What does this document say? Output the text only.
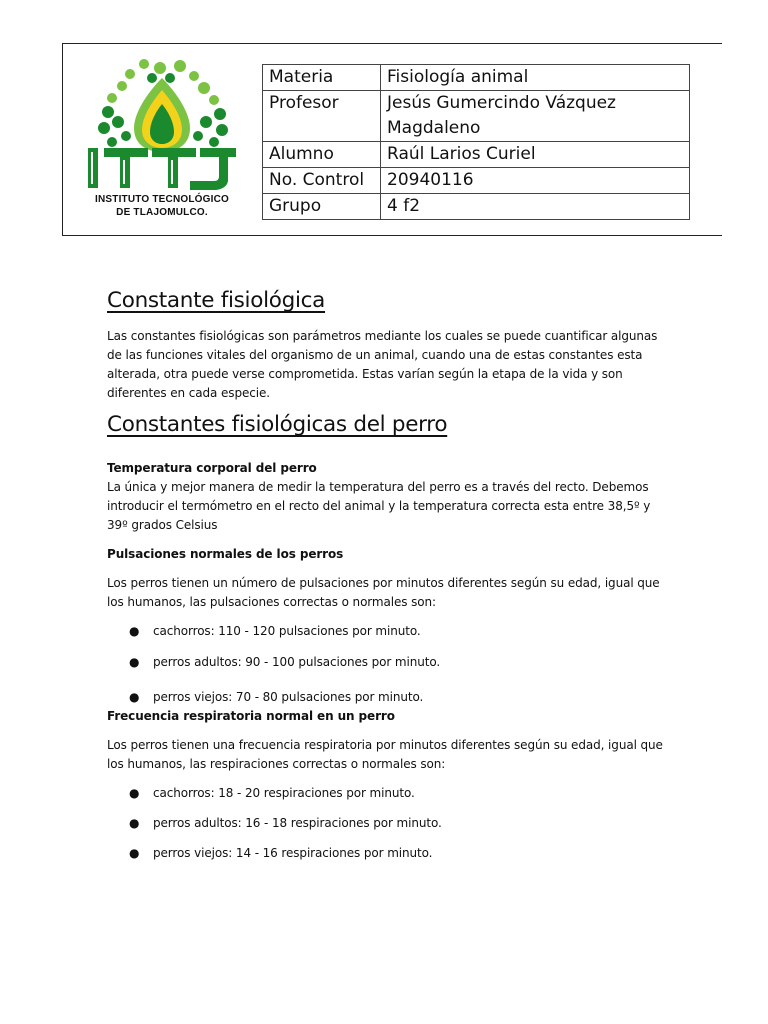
INSTITUTO TECNOLÓGICO
DE TLAJOMULCO.
Materia	Fisiología animal
Profesor	Jesús Gumercindo Vázquez Magdaleno
Alumno	Raúl Larios Curiel
No. Control	20940116
Grupo	4 f2
Constante fisiológica

Las constantes fisiológicas son parámetros mediante los cuales se puede cuantificar algunas de las funciones vitales del organismo de un animal, cuando una de estas constantes esta alterada, otra puede verse comprometida. Estas varían según la etapa de la vida y son diferentes en cada especie.

Constantes fisiológicas del perro
Temperatura corporal del perro

La única y mejor manera de medir la temperatura del perro es a través del recto. Debemos introducir el termómetro en el recto del animal y la temperatura correcta esta entre 38,5º y 39º grados Celsius

Pulsaciones normales de los perros

Los perros tienen un número de pulsaciones por minutos diferentes según su edad, igual que los humanos, las pulsaciones correctas o normales son:

● cachorros: 110 - 120 pulsaciones por minuto.
● perros adultos: 90 - 100 pulsaciones por minuto.
● perros viejos: 70 - 80 pulsaciones por minuto.
Frecuencia respiratoria normal en un perro

Los perros tienen una frecuencia respiratoria por minutos diferentes según su edad, igual que los humanos, las respiraciones correctas o normales son:

● cachorros: 18 - 20 respiraciones por minuto.
● perros adultos: 16 - 18 respiraciones por minuto.
● perros viejos: 14 - 16 respiraciones por minuto.
